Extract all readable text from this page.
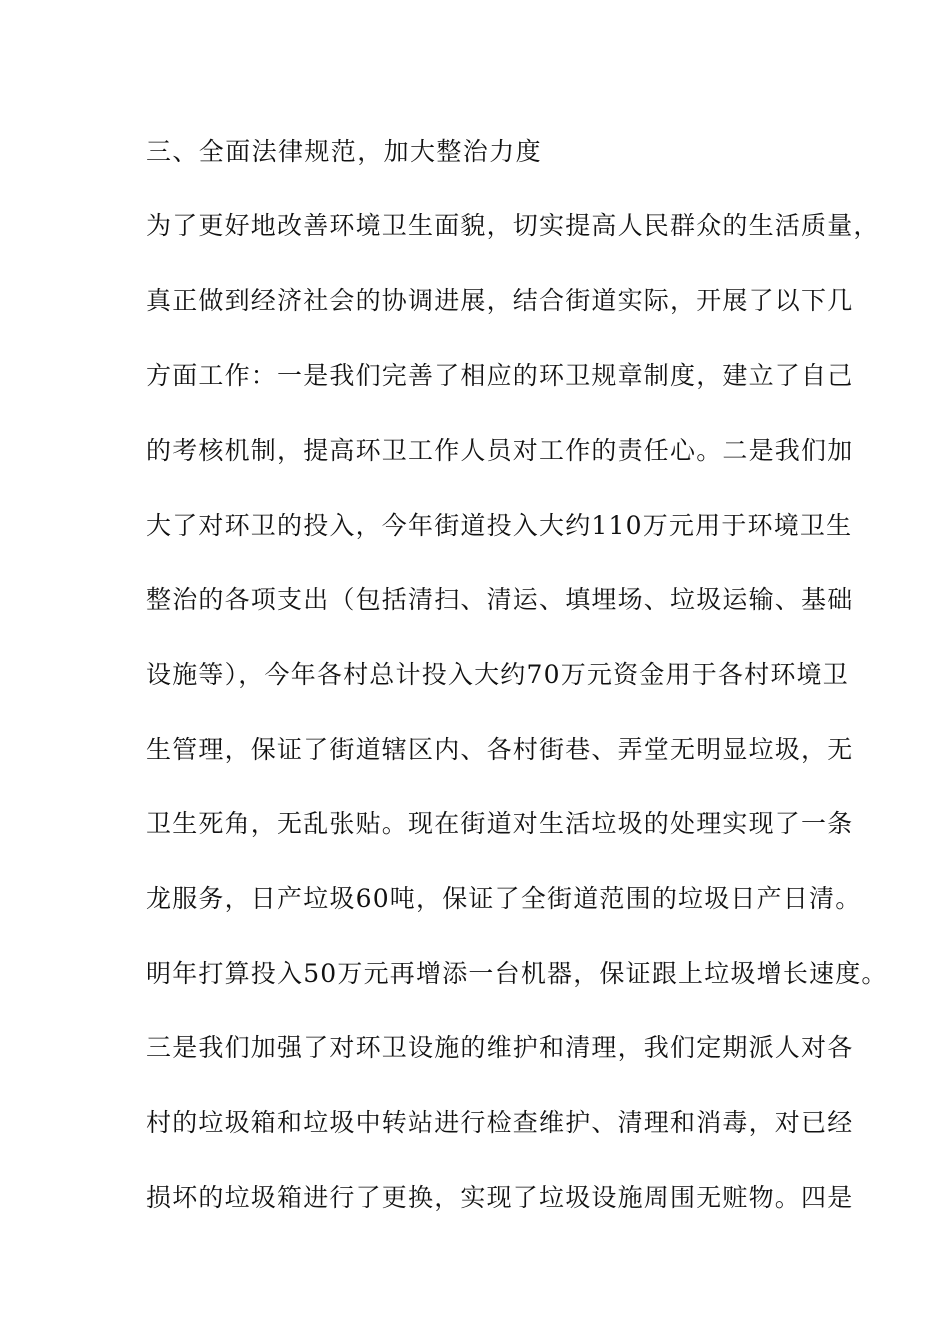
三、全面法律规范，加大整治力度
为了更好地改善环境卫生面貌，切实提高人民群众的生活质量，
真正做到经济社会的协调进展，结合街道实际，开展了以下几
方面工作：一是我们完善了相应的环卫规章制度，建立了自己
的考核机制，提高环卫工作人员对工作的责任心。二是我们加
大了对环卫的投入，今年街道投入大约110万元用于环境卫生
整治的各项支出（包括清扫、清运、填埋场、垃圾运输、基础
设施等），今年各村总计投入大约70万元资金用于各村环境卫
生管理，保证了街道辖区内、各村街巷、弄堂无明显垃圾，无
卫生死角，无乱张贴。现在街道对生活垃圾的处理实现了一条
龙服务，日产垃圾60吨，保证了全街道范围的垃圾日产日清。
明年打算投入50万元再增添一台机器，保证跟上垃圾增长速度。
三是我们加强了对环卫设施的维护和清理，我们定期派人对各
村的垃圾箱和垃圾中转站进行检查维护、清理和消毒，对已经
损坏的垃圾箱进行了更换，实现了垃圾设施周围无赃物。四是
